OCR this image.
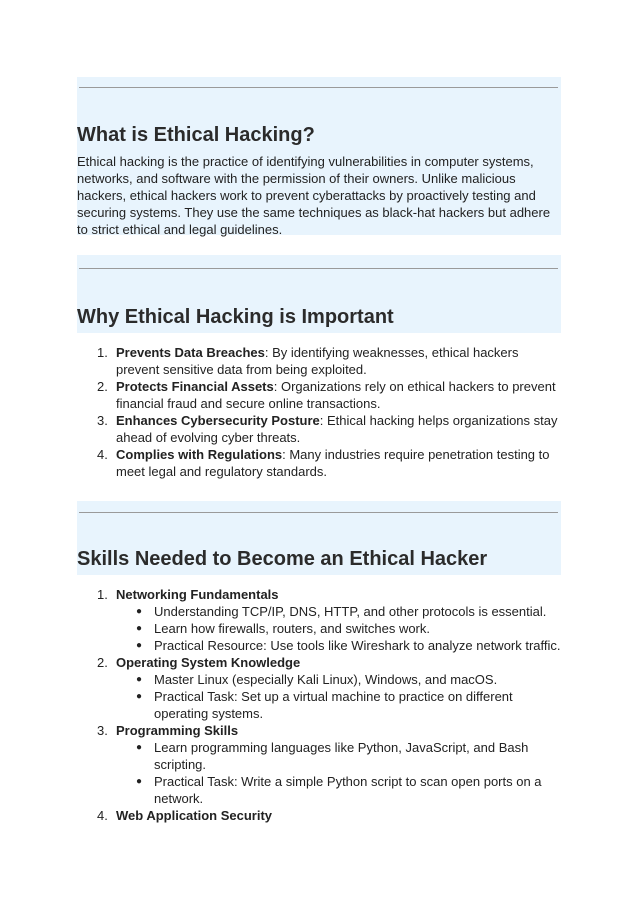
What is Ethical Hacking?

Ethical hacking is the practice of identifying vulnerabilities in computer systems, networks, and software with the permission of their owners. Unlike malicious hackers, ethical hackers work to prevent cyberattacks by proactively testing and securing systems. They use the same techniques as black-hat hackers but adhere to strict ethical and legal guidelines.

Why Ethical Hacking is Important
1. Prevents Data Breaches: By identifying weaknesses, ethical hackers prevent sensitive data from being exploited.
2. Protects Financial Assets: Organizations rely on ethical hackers to prevent financial fraud and secure online transactions.
3. Enhances Cybersecurity Posture: Ethical hacking helps organizations stay ahead of evolving cyber threats.
4. Complies with Regulations: Many industries require penetration testing to meet legal and regulatory standards.
Skills Needed to Become an Ethical Hacker
1. Networking Fundamentals
● Understanding TCP/IP, DNS, HTTP, and other protocols is essential.
● Learn how firewalls, routers, and switches work.
● Practical Resource: Use tools like Wireshark to analyze network traffic.
2. Operating System Knowledge
● Master Linux (especially Kali Linux), Windows, and macOS.
● Practical Task: Set up a virtual machine to practice on different operating systems.
3. Programming Skills
● Learn programming languages like Python, JavaScript, and Bash scripting.
● Practical Task: Write a simple Python script to scan open ports on a network.
4. Web Application Security
